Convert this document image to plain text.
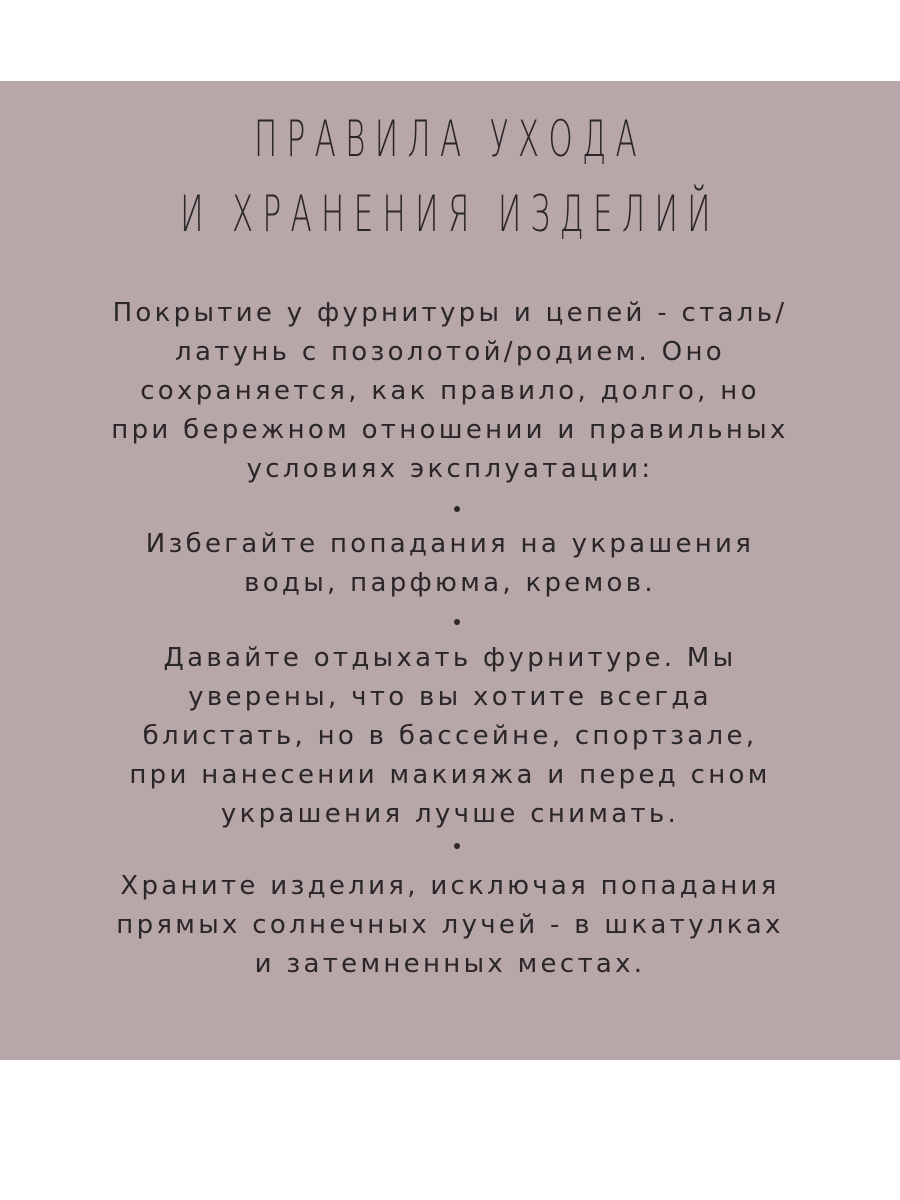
ПРАВИЛА УХОДА
И ХРАНЕНИЯ ИЗДЕЛИЙ

Покрытие у фурнитуры и цепей - сталь/

латунь с позолотой/родием. Оно

сохраняется, как правило, долго, но

при бережном отношении и правильных

условиях эксплуатации:

Избегайте попадания на украшения

воды, парфюма, кремов.

Давайте отдыхать фурнитуре. Мы

уверены, что вы хотите всегда

блистать, но в бассейне, спортзале,

при нанесении макияжа и перед сном

украшения лучше снимать.

Храните изделия, исключая попадания

прямых солнечных лучей - в шкатулках

и затемненных местах.
